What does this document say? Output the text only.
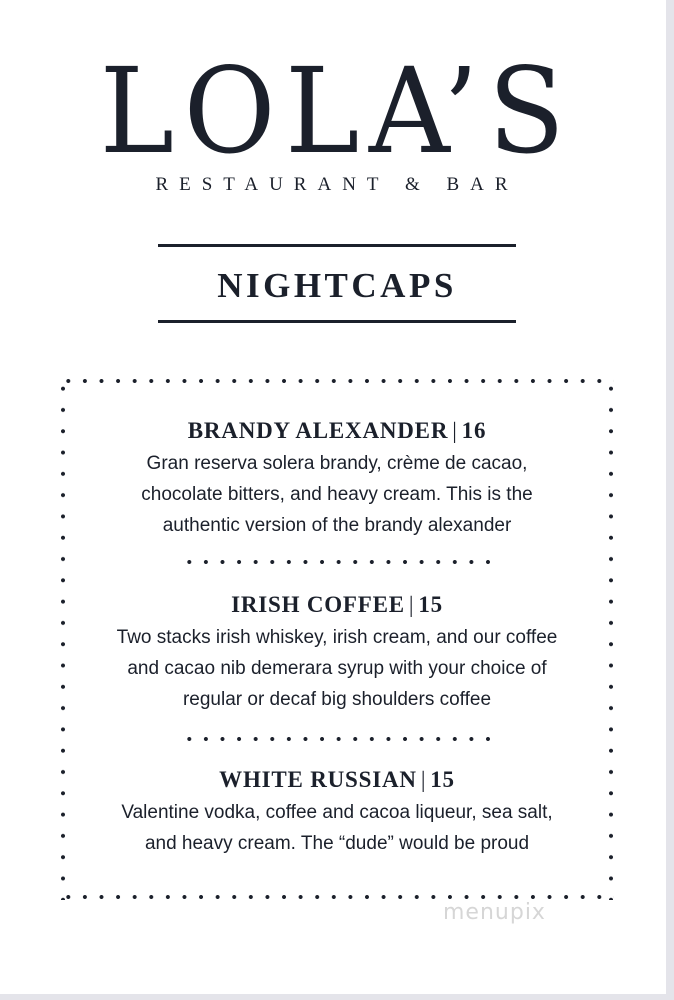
LOLA’S
RESTAURANT & BAR
NIGHTCAPS
BRANDY ALEXANDER | 16

Gran reserva solera brandy, crème de cacao,
chocolate bitters, and heavy cream. This is the
authentic version of the brandy alexander

IRISH COFFEE | 15

Two stacks irish whiskey, irish cream, and our coffee
and cacao nib demerara syrup with your choice of
regular or decaf big shoulders coffee

WHITE RUSSIAN | 15

Valentine vodka, coffee and cacoa liqueur, sea salt,
and heavy cream. The “dude” would be proud

menupix
